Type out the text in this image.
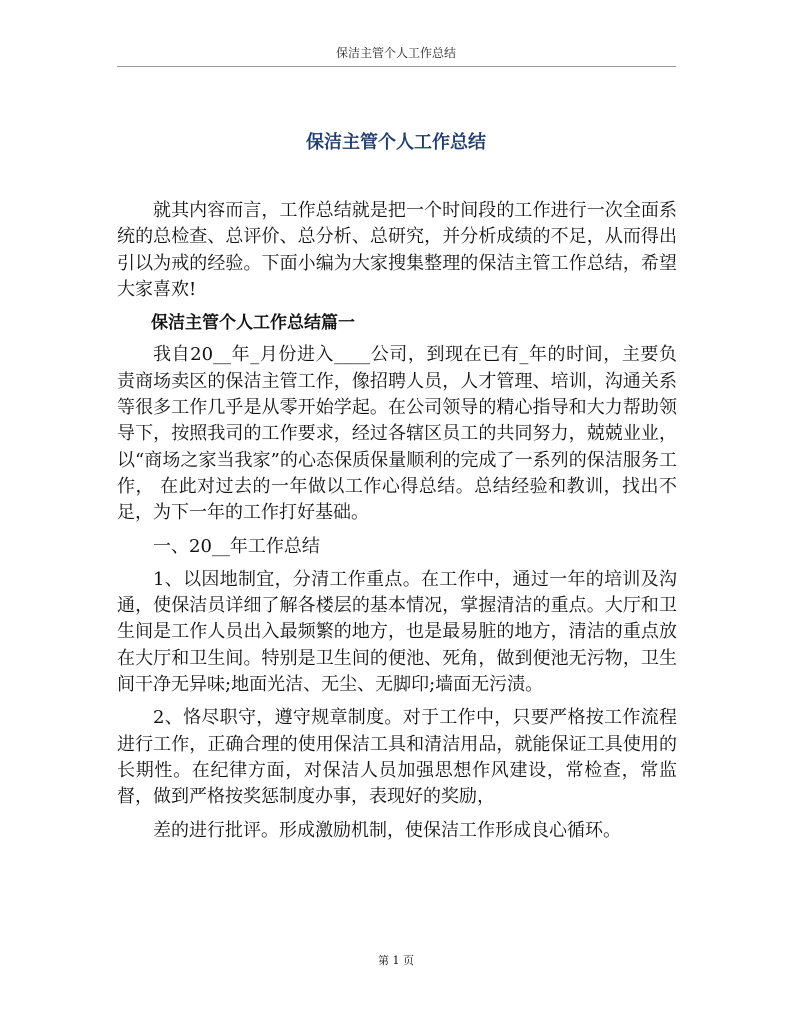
保洁主管个人工作总结
保洁主管个人工作总结

就其内容而言，工作总结就是把一个时间段的工作进行一次全面系统的总检查、总评价、总分析、总研究，并分析成绩的不足，从而得出引以为戒的经验。下面小编为大家搜集整理的保洁主管工作总结，希望大家喜欢!

保洁主管个人工作总结篇一

我自20__年_月份进入____公司，到现在已有_年的时间，主要负责商场卖区的保洁主管工作，像招聘人员，人才管理、培训，沟通关系等很多工作几乎是从零开始学起。在公司领导的精心指导和大力帮助领导下，按照我司的工作要求，经过各辖区员工的共同努力，兢兢业业，以“商场之家当我家”的心态保质保量顺利的完成了一系列的保洁服务工作， 在此对过去的一年做以工作心得总结。总结经验和教训，找出不足，为下一年的工作打好基础。

一、20__年工作总结

1、以因地制宜，分清工作重点。在工作中，通过一年的培训及沟通，使保洁员详细了解各楼层的基本情况，掌握清洁的重点。大厅和卫生间是工作人员出入最频繁的地方，也是最易脏的地方，清洁的重点放在大厅和卫生间。特别是卫生间的便池、死角，做到便池无污物，卫生间干净无异味;地面光洁、无尘、无脚印;墙面无污渍。

2、恪尽职守，遵守规章制度。对于工作中，只要严格按工作流程进行工作，正确合理的使用保洁工具和清洁用品，就能保证工具使用的长期性。在纪律方面，对保洁人员加强思想作风建设，常检查，常监督，做到严格按奖惩制度办事，表现好的奖励，

差的进行批评。形成激励机制，使保洁工作形成良心循环。

第 1 页
